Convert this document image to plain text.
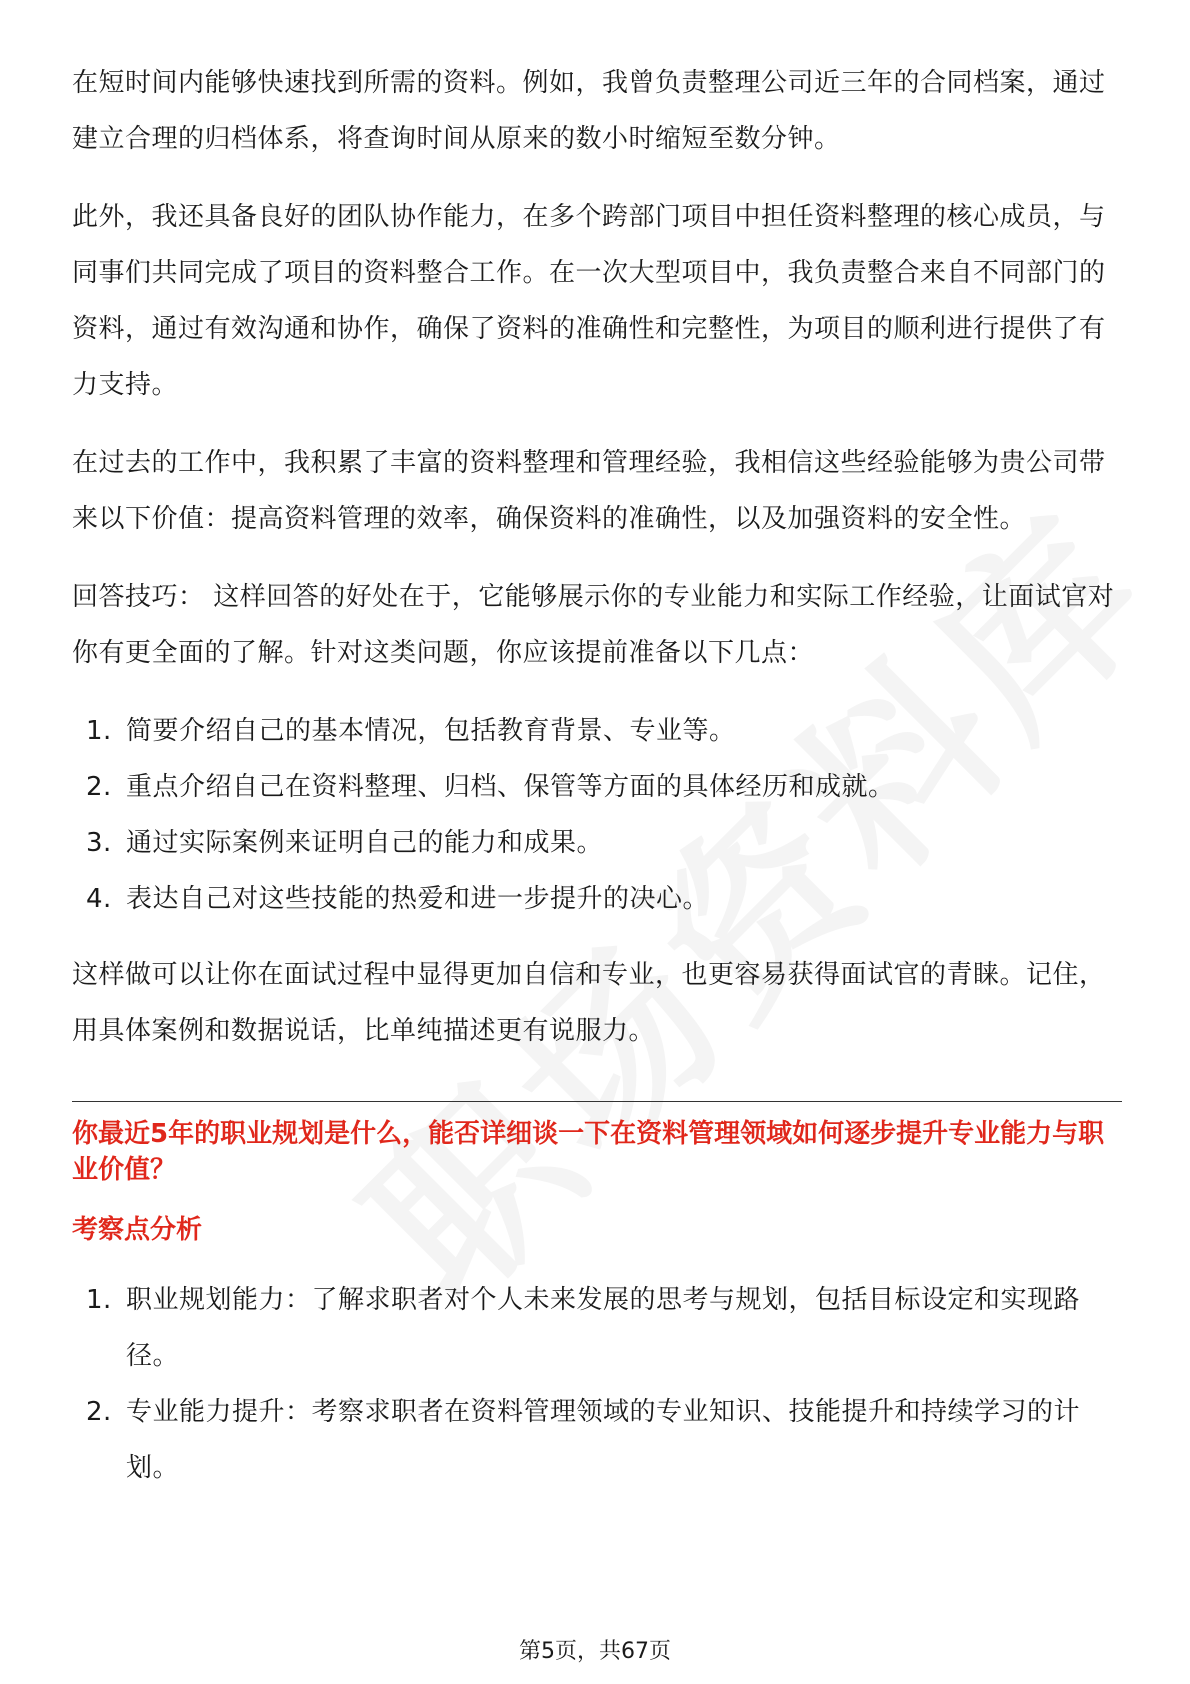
在短时间内能够快速找到所需的资料。例如，我曾负责整理公司近三年的合同档案，通过建立合理的归档体系，将查询时间从原来的数小时缩短至数分钟。

此外，我还具备良好的团队协作能力，在多个跨部门项目中担任资料整理的核心成员，与同事们共同完成了项目的资料整合工作。在一次大型项目中，我负责整合来自不同部门的资料，通过有效沟通和协作，确保了资料的准确性和完整性，为项目的顺利进行提供了有力支持。

在过去的工作中，我积累了丰富的资料整理和管理经验，我相信这些经验能够为贵公司带来以下价值：提高资料管理的效率，确保资料的准确性，以及加强资料的安全性。

回答技巧： 这样回答的好处在于，它能够展示你的专业能力和实际工作经验，让面试官对你有更全面的了解。针对这类问题，你应该提前准备以下几点：

1. 简要介绍自己的基本情况，包括教育背景、专业等。
2. 重点介绍自己在资料整理、归档、保管等方面的具体经历和成就。
3. 通过实际案例来证明自己的能力和成果。
4. 表达自己对这些技能的热爱和进一步提升的决心。

这样做可以让你在面试过程中显得更加自信和专业，也更容易获得面试官的青睐。记住，用具体案例和数据说话，比单纯描述更有说服力。

你最近5年的职业规划是什么，能否详细谈一下在资料管理领域如何逐步提升专业能力与职业价值？
考察点分析
1. 职业规划能力：了解求职者对个人未来发展的思考与规划，包括目标设定和实现路径。
2. 专业能力提升：考察求职者在资料管理领域的专业知识、技能提升和持续学习的计划。
第5页，共67页
